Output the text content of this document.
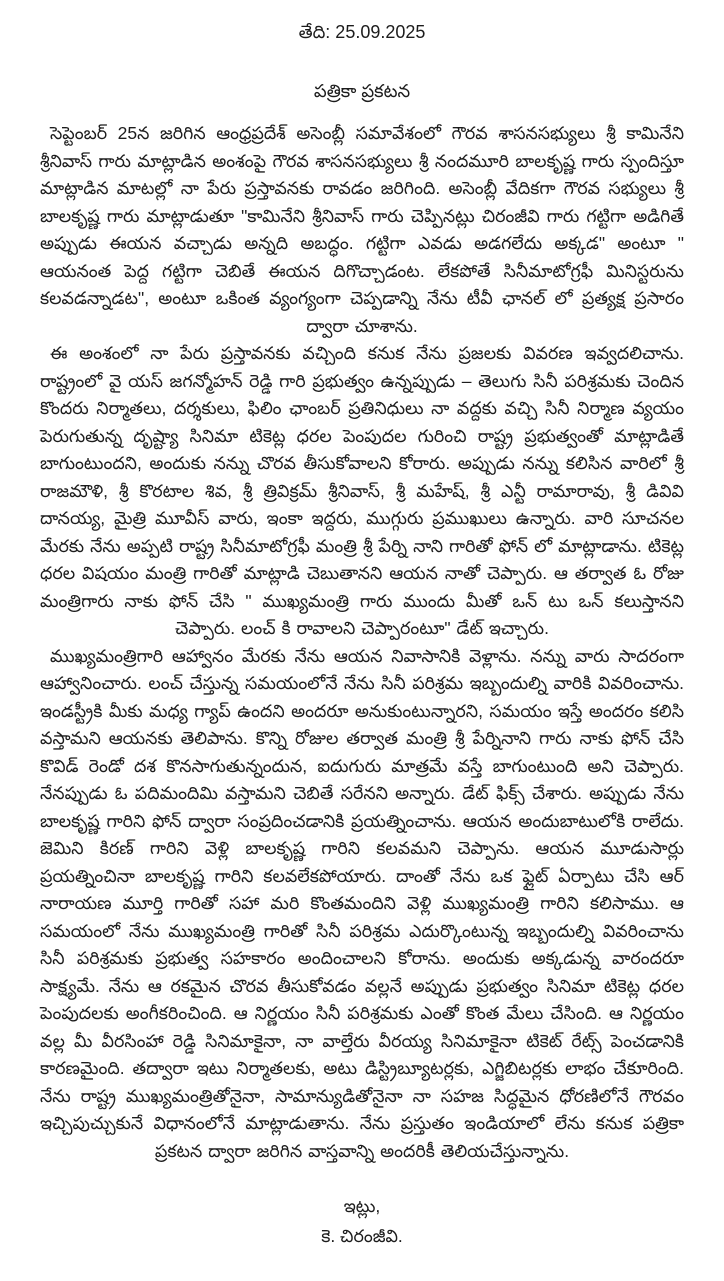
తేది: 25.09.2025
పత్రికా ప్రకటన

సెప్టెంబర్ 25న జరిగిన ఆంధ్రప్రదేశ్ అసెంబ్లీ సమావేశంలో గౌరవ శాసనసభ్యులు శ్రీ కామినేని శ్రీనివాస్ గారు మాట్లాడిన అంశంపై గౌరవ శాసనసభ్యులు శ్రీ నందమూరి బాలకృష్ణ గారు స్పందిస్తూ మాట్లాడిన మాటల్లో నా పేరు ప్రస్తావనకు రావడం జరిగింది. అసెంబ్లీ వేదికగా గౌరవ సభ్యులు శ్రీ బాలకృష్ణ గారు మాట్లాడుతూ "కామినేని శ్రీనివాస్ గారు చెప్పినట్లు చిరంజీవి గారు గట్టిగా అడిగితే అప్పుడు ఈయన వచ్చాడు అన్నది అబద్ధం. గట్టిగా ఎవడు అడగలేదు అక్కడ" అంటూ " ఆయనంత పెద్ద గట్టిగా చెబితే ఈయన దిగొచ్చాడంట. లేకపోతే సినీమాటోగ్రఫీ మినిస్టరును కలవడన్నాడట", అంటూ ఒకింత వ్యంగ్యంగా చెప్పడాన్ని నేను టీవీ ఛానల్ లో ప్రత్యక్ష ప్రసారం ద్వారా చూశాను.

ఈ అంశంలో నా పేరు ప్రస్తావనకు వచ్చింది కనుక నేను ప్రజలకు వివరణ ఇవ్వదలిచాను. రాష్ట్రంలో వై యస్ జగన్మోహన్ రెడ్డి గారి ప్రభుత్వం ఉన్నప్పుడు – తెలుగు సినీ పరిశ్రమకు చెందిన కొందరు నిర్మాతలు, దర్శకులు, ఫిలిం ఛాంబర్ ప్రతినిధులు నా వద్దకు వచ్చి సినీ నిర్మాణ వ్యయం పెరుగుతున్న దృష్ట్యా సినిమా టికెట్ల ధరల పెంపుదల గురించి రాష్ట్ర ప్రభుత్వంతో మాట్లాడితే బాగుంటుందని, అందుకు నన్ను చొరవ తీసుకోవాలని కోరారు. అప్పుడు నన్ను కలిసిన వారిలో శ్రీ రాజమౌళి, శ్రీ కొరటాల శివ, శ్రీ త్రివిక్రమ్ శ్రీనివాస్, శ్రీ మహేష్, శ్రీ ఎన్టీ రామారావు, శ్రీ డివివి దానయ్య, మైత్రి మూవీస్ వారు, ఇంకా ఇద్దరు, ముగ్గురు ప్రముఖులు ఉన్నారు. వారి సూచనల మేరకు నేను అప్పటి రాష్ట్ర సినీమాటోగ్రఫీ మంత్రి శ్రీ పేర్ని నాని గారితో ఫోన్ లో మాట్లాడాను. టికెట్ల ధరల విషయం మంత్రి గారితో మాట్లాడి చెబుతానని ఆయన నాతో చెప్పారు. ఆ తర్వాత ఓ రోజు మంత్రిగారు నాకు ఫోన్ చేసి " ముఖ్యమంత్రి గారు ముందు మీతో ఒన్ టు ఒన్ కలుస్తానని చెప్పారు. లంచ్ కి రావాలని చెప్పారంటూ" డేట్ ఇచ్చారు.

ముఖ్యమంత్రిగారి ఆహ్వానం మేరకు నేను ఆయన నివాసానికి వెళ్లాను. నన్ను వారు సాదరంగా ఆహ్వానించారు. లంచ్ చేస్తున్న సమయంలోనే నేను సినీ పరిశ్రమ ఇబ్బందుల్ని వారికి వివరించాను. ఇండస్ట్రీకి మీకు మధ్య గ్యాప్ ఉందని అందరూ అనుకుంటున్నారని, సమయం ఇస్తే అందరం కలిసి వస్తామని ఆయనకు తెలిపాను. కొన్ని రోజుల తర్వాత మంత్రి శ్రీ పేర్నినాని గారు నాకు ఫోన్ చేసి కొవిడ్ రెండో దశ కొనసాగుతున్నందున, ఐదుగురు మాత్రమే వస్తే బాగుంటుంది అని చెప్పారు. నేనప్పుడు ఓ పదిమందిమి వస్తామని చెబితే సరేనని అన్నారు. డేట్ ఫిక్స్ చేశారు. అప్పుడు నేను బాలకృష్ణ గారిని ఫోన్ ద్వారా సంప్రదించడానికి ప్రయత్నించాను. ఆయన అందుబాటులోకి రాలేదు. జెమిని కిరణ్ గారిని వెళ్లి బాలకృష్ణ గారిని కలవమని చెప్పాను. ఆయన మూడుసార్లు ప్రయత్నించినా బాలకృష్ణ గారిని కలవలేకపోయారు. దాంతో నేను ఒక ఫ్లైట్ ఏర్పాటు చేసి ఆర్ నారాయణ మూర్తి గారితో సహా మరి కొంతమందిని వెళ్లి ముఖ్యమంత్రి గారిని కలిసాము. ఆ సమయంలో నేను ముఖ్యమంత్రి గారితో సినీ పరిశ్రమ ఎదుర్కొంటున్న ఇబ్బందుల్ని వివరించాను సినీ పరిశ్రమకు ప్రభుత్వ సహకారం అందించాలని కోరాను. అందుకు అక్కడున్న వారందరూ సాక్ష్యమే. నేను ఆ రకమైన చొరవ తీసుకోవడం వల్లనే అప్పుడు ప్రభుత్వం సినిమా టికెట్ల ధరల పెంపుదలకు అంగీకరించింది. ఆ నిర్ణయం సినీ పరిశ్రమకు ఎంతో కొంత మేలు చేసింది. ఆ నిర్ణయం వల్ల మీ వీరసింహా రెడ్డి సినిమాకైనా, నా వాల్తేరు వీరయ్య సినిమాకైనా టికెట్ రేట్స్ పెంచడానికి కారణమైంది. తద్వారా ఇటు నిర్మాతలకు, అటు డిస్ట్రిబ్యూటర్లకు, ఎగ్జిబిటర్లకు లాభం చేకూరింది. నేను రాష్ట్ర ముఖ్యమంత్రితోనైనా, సామాన్యుడితోనైనా నా సహజ సిద్ధమైన ధోరణిలోనే గౌరవం ఇచ్చిపుచ్చుకునే విధానంలోనే మాట్లాడుతాను. నేను ప్రస్తుతం ఇండియాలో లేను కనుక పత్రికా ప్రకటన ద్వారా జరిగిన వాస్తవాన్ని అందరికీ తెలియచేస్తున్నాను.

ఇట్లు,
కె. చిరంజీవి.
